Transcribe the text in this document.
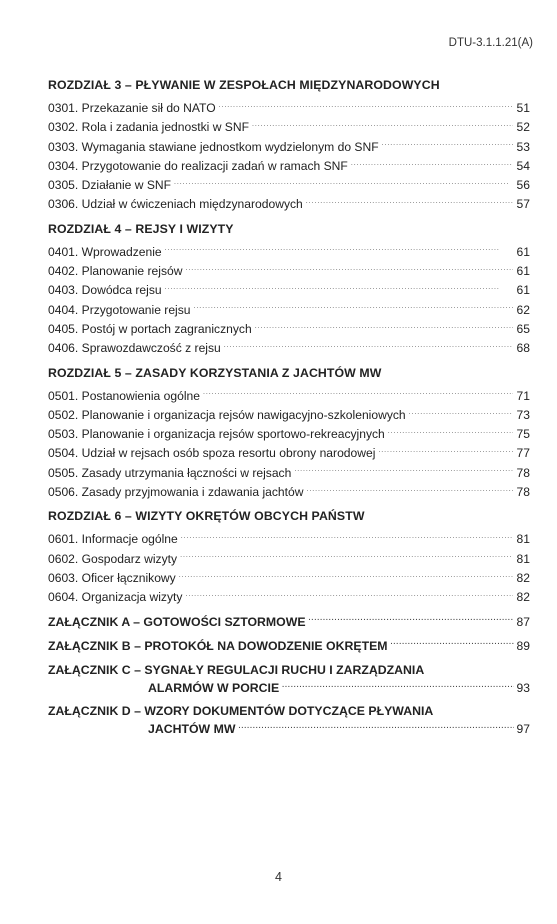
DTU-3.1.1.21(A)
ROZDZIAŁ 3 – PŁYWANIE W ZESPOŁACH MIĘDZYNARODOWYCH
0301. Przekazanie sił do NATO . . .	51
0302. Rola i zadania jednostki w SNF . . .	52
0303. Wymagania stawiane jednostkom wydzielonym do SNF . . .	53
0304. Przygotowanie do realizacji zadań w ramach SNF . . .	54
0305. Działanie w SNF . . .	56
0306. Udział w ćwiczeniach międzynarodowych . . .	57
ROZDZIAŁ 4 – REJSY I WIZYTY
0401. Wprowadzenie . . .	61
0402. Planowanie rejsów . . .	61
0403. Dowódca rejsu . . .	61
0404. Przygotowanie rejsu . . .	62
0405. Postój w portach zagranicznych . . .	65
0406. Sprawozdawczość z rejsu . . .	68
ROZDZIAŁ 5 – ZASADY KORZYSTANIA Z JACHTÓW MW
0501. Postanowienia ogólne . . .	71
0502. Planowanie i organizacja rejsów nawigacyjno-szkoleniowych . . .	73
0503. Planowanie i organizacja rejsów sportowo-rekreacyjnych . . .	75
0504. Udział w rejsach osób spoza resortu obrony narodowej . . .	77
0505. Zasady utrzymania łączności w rejsach . . .	78
0506. Zasady przyjmowania i zdawania jachtów . . .	78
ROZDZIAŁ 6 – WIZYTY OKRĘTÓW OBCYCH PAŃSTW
0601. Informacje ogólne . . .	81
0602. Gospodarz wizyty . . .	81
0603. Oficer łącznikowy . . .	82
0604. Organizacja wizyty . . .	82
ZAŁĄCZNIK A – GOTOWOŚCI SZTORMOWE . . .	87
ZAŁĄCZNIK B – PROTOKÓŁ NA DOWODZENIE OKRĘTEM . . .	89
ZAŁĄCZNIK C – SYGNAŁY REGULACJI RUCHU I ZARZĄDZANIA
ALARMÓW W PORCIE . . .	93
ZAŁĄCZNIK D – WZORY DOKUMENTÓW DOTYCZĄCE PŁYWANIA
JACHTÓW MW . . .	97
4
